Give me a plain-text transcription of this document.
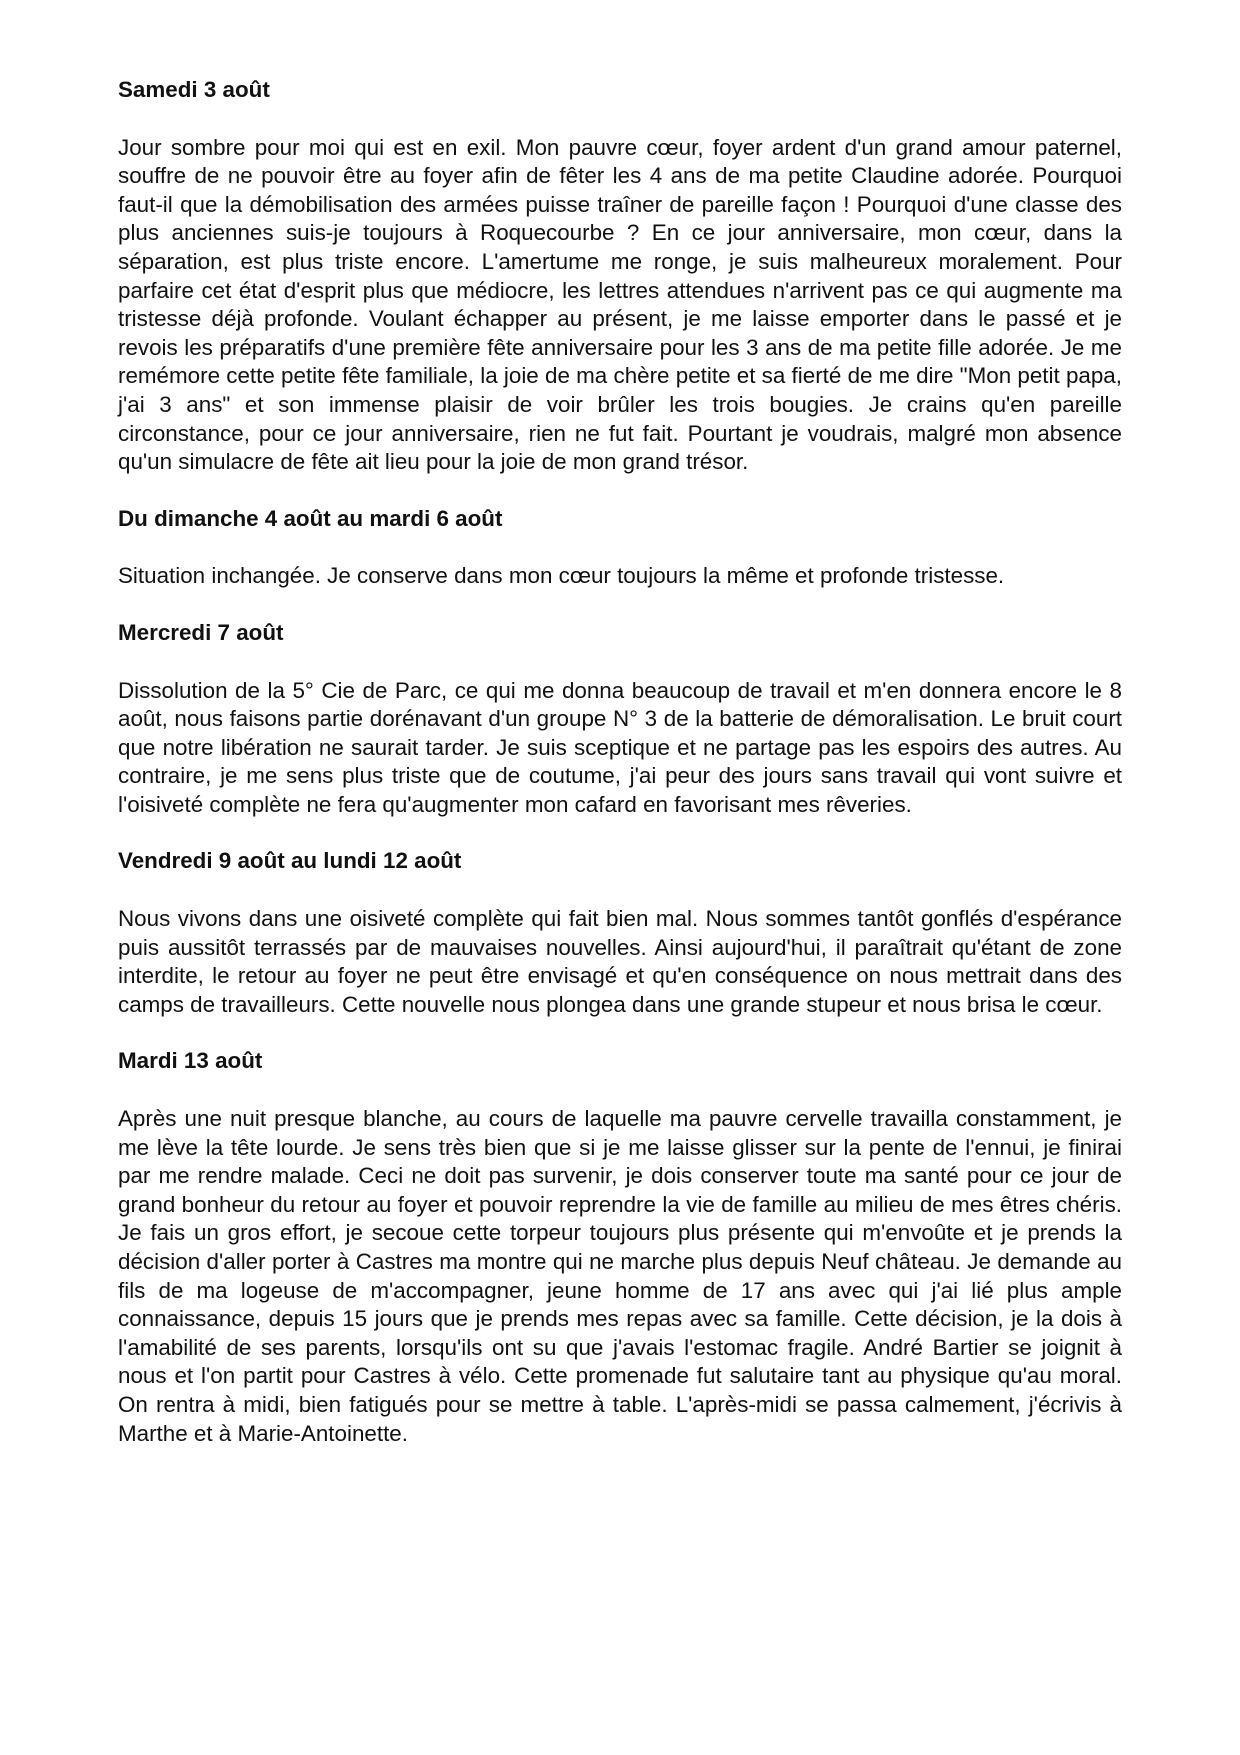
Samedi 3 août

Jour sombre pour moi qui est en exil. Mon pauvre cœur, foyer ardent d'un grand amour paternel, souffre de ne pouvoir être au foyer afin de fêter les 4 ans de ma petite Claudine adorée. Pourquoi faut-il que la démobilisation des armées puisse traîner de pareille façon ! Pourquoi d'une classe des plus anciennes suis-je toujours à Roquecourbe ? En ce jour anniversaire, mon cœur, dans la séparation, est plus triste encore. L'amertume me ronge, je suis malheureux moralement. Pour parfaire cet état d'esprit plus que médiocre, les lettres attendues n'arrivent pas ce qui augmente ma tristesse déjà profonde. Voulant échapper au présent, je me laisse emporter dans le passé et je revois les préparatifs d'une première fête anniversaire pour les 3 ans de ma petite fille adorée. Je me remémore cette petite fête familiale, la joie de ma chère petite et sa fierté de me dire "Mon petit papa, j'ai 3 ans" et son immense plaisir de voir brûler les trois bougies. Je crains qu'en pareille circonstance, pour ce jour anniversaire, rien ne fut fait. Pourtant je voudrais, malgré mon absence qu'un simulacre de fête ait lieu pour la joie de mon grand trésor.

Du dimanche 4 août au mardi 6 août

Situation inchangée. Je conserve dans mon cœur toujours la même et profonde tristesse.

Mercredi 7 août

Dissolution de la 5° Cie de Parc, ce qui me donna beaucoup de travail et m'en donnera encore le 8 août, nous faisons partie dorénavant d'un groupe N° 3 de la batterie de démoralisation. Le bruit court que notre libération ne saurait tarder. Je suis sceptique et ne partage pas les espoirs des autres. Au contraire, je me sens plus triste que de coutume, j'ai peur des jours sans travail qui vont suivre et l'oisiveté complète ne fera qu'augmenter mon cafard en favorisant mes rêveries.

Vendredi 9 août au lundi 12 août

Nous vivons dans une oisiveté complète qui fait bien mal. Nous sommes tantôt gonflés d'espérance puis aussitôt terrassés par de mauvaises nouvelles. Ainsi aujourd'hui, il paraîtrait qu'étant de zone interdite, le retour au foyer ne peut être envisagé et qu'en conséquence on nous mettrait dans des camps de travailleurs. Cette nouvelle nous plongea dans une grande stupeur et nous brisa le cœur.

Mardi 13 août

Après une nuit presque blanche, au cours de laquelle ma pauvre cervelle travailla constamment, je me lève la tête lourde. Je sens très bien que si je me laisse glisser sur la pente de l'ennui, je finirai par me rendre malade. Ceci ne doit pas survenir, je dois conserver toute ma santé pour ce jour de grand bonheur du retour au foyer et pouvoir reprendre la vie de famille au milieu de mes êtres chéris. Je fais un gros effort, je secoue cette torpeur toujours plus présente qui m'envoûte et je prends la décision d'aller porter à Castres ma montre qui ne marche plus depuis Neuf château. Je demande au fils de ma logeuse de m'accompagner, jeune homme de 17 ans avec qui j'ai lié plus ample connaissance, depuis 15 jours que je prends mes repas avec sa famille. Cette décision, je la dois à l'amabilité de ses parents, lorsqu'ils ont su que j'avais l'estomac fragile. André Bartier se joignit à nous et l'on partit pour Castres à vélo. Cette promenade fut salutaire tant au physique qu'au moral. On rentra à midi, bien fatigués pour se mettre à table. L'après-midi se passa calmement, j'écrivis à Marthe et à Marie-Antoinette.
